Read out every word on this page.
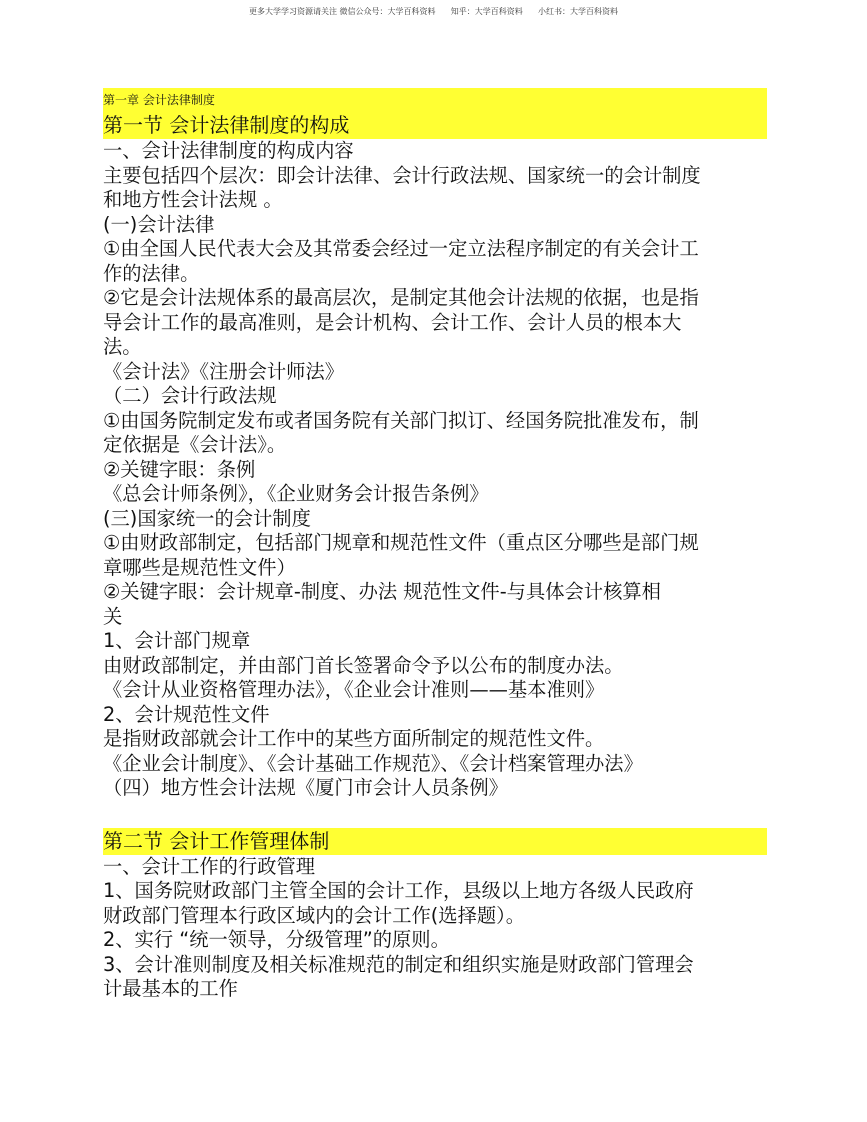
更多大学学习资源请关注 微信公众号：大学百科资料      知乎：大学百科资料      小红书：大学百科资料
第一章 会计法律制度
第一节 会计法律制度的构成
一、会计法律制度的构成内容
主要包括四个层次：即会计法律、会计行政法规、国家统一的会计制度
和地方性会计法规 。
(一)会计法律
①由全国人民代表大会及其常委会经过一定立法程序制定的有关会计工
作的法律。
②它是会计法规体系的最高层次，是制定其他会计法规的依据，也是指
导会计工作的最高准则，是会计机构、会计工作、会计人员的根本大
法。
《会计法》《注册会计师法》
（二）会计行政法规
①由国务院制定发布或者国务院有关部门拟订、经国务院批准发布，制
定依据是《会计法》。
②关键字眼：条例
《总会计师条例》，《企业财务会计报告条例》
(三)国家统一的会计制度
①由财政部制定，包括部门规章和规范性文件（重点区分哪些是部门规
章哪些是规范性文件）
②关键字眼：会计规章-制度、办法 规范性文件-与具体会计核算相
关
1、会计部门规章
由财政部制定，并由部门首长签署命令予以公布的制度办法。
《会计从业资格管理办法》，《企业会计准则——基本准则》
2、会计规范性文件
是指财政部就会计工作中的某些方面所制定的规范性文件。
《企业会计制度》、《会计基础工作规范》、《会计档案管理办法》
（四）地方性会计法规《厦门市会计人员条例》
第二节 会计工作管理体制
一、会计工作的行政管理
1、国务院财政部门主管全国的会计工作，县级以上地方各级人民政府
财政部门管理本行政区域内的会计工作(选择题）。
2、实行 “统一领导，分级管理”的原则。
3、会计准则制度及相关标准规范的制定和组织实施是财政部门管理会
计最基本的工作
